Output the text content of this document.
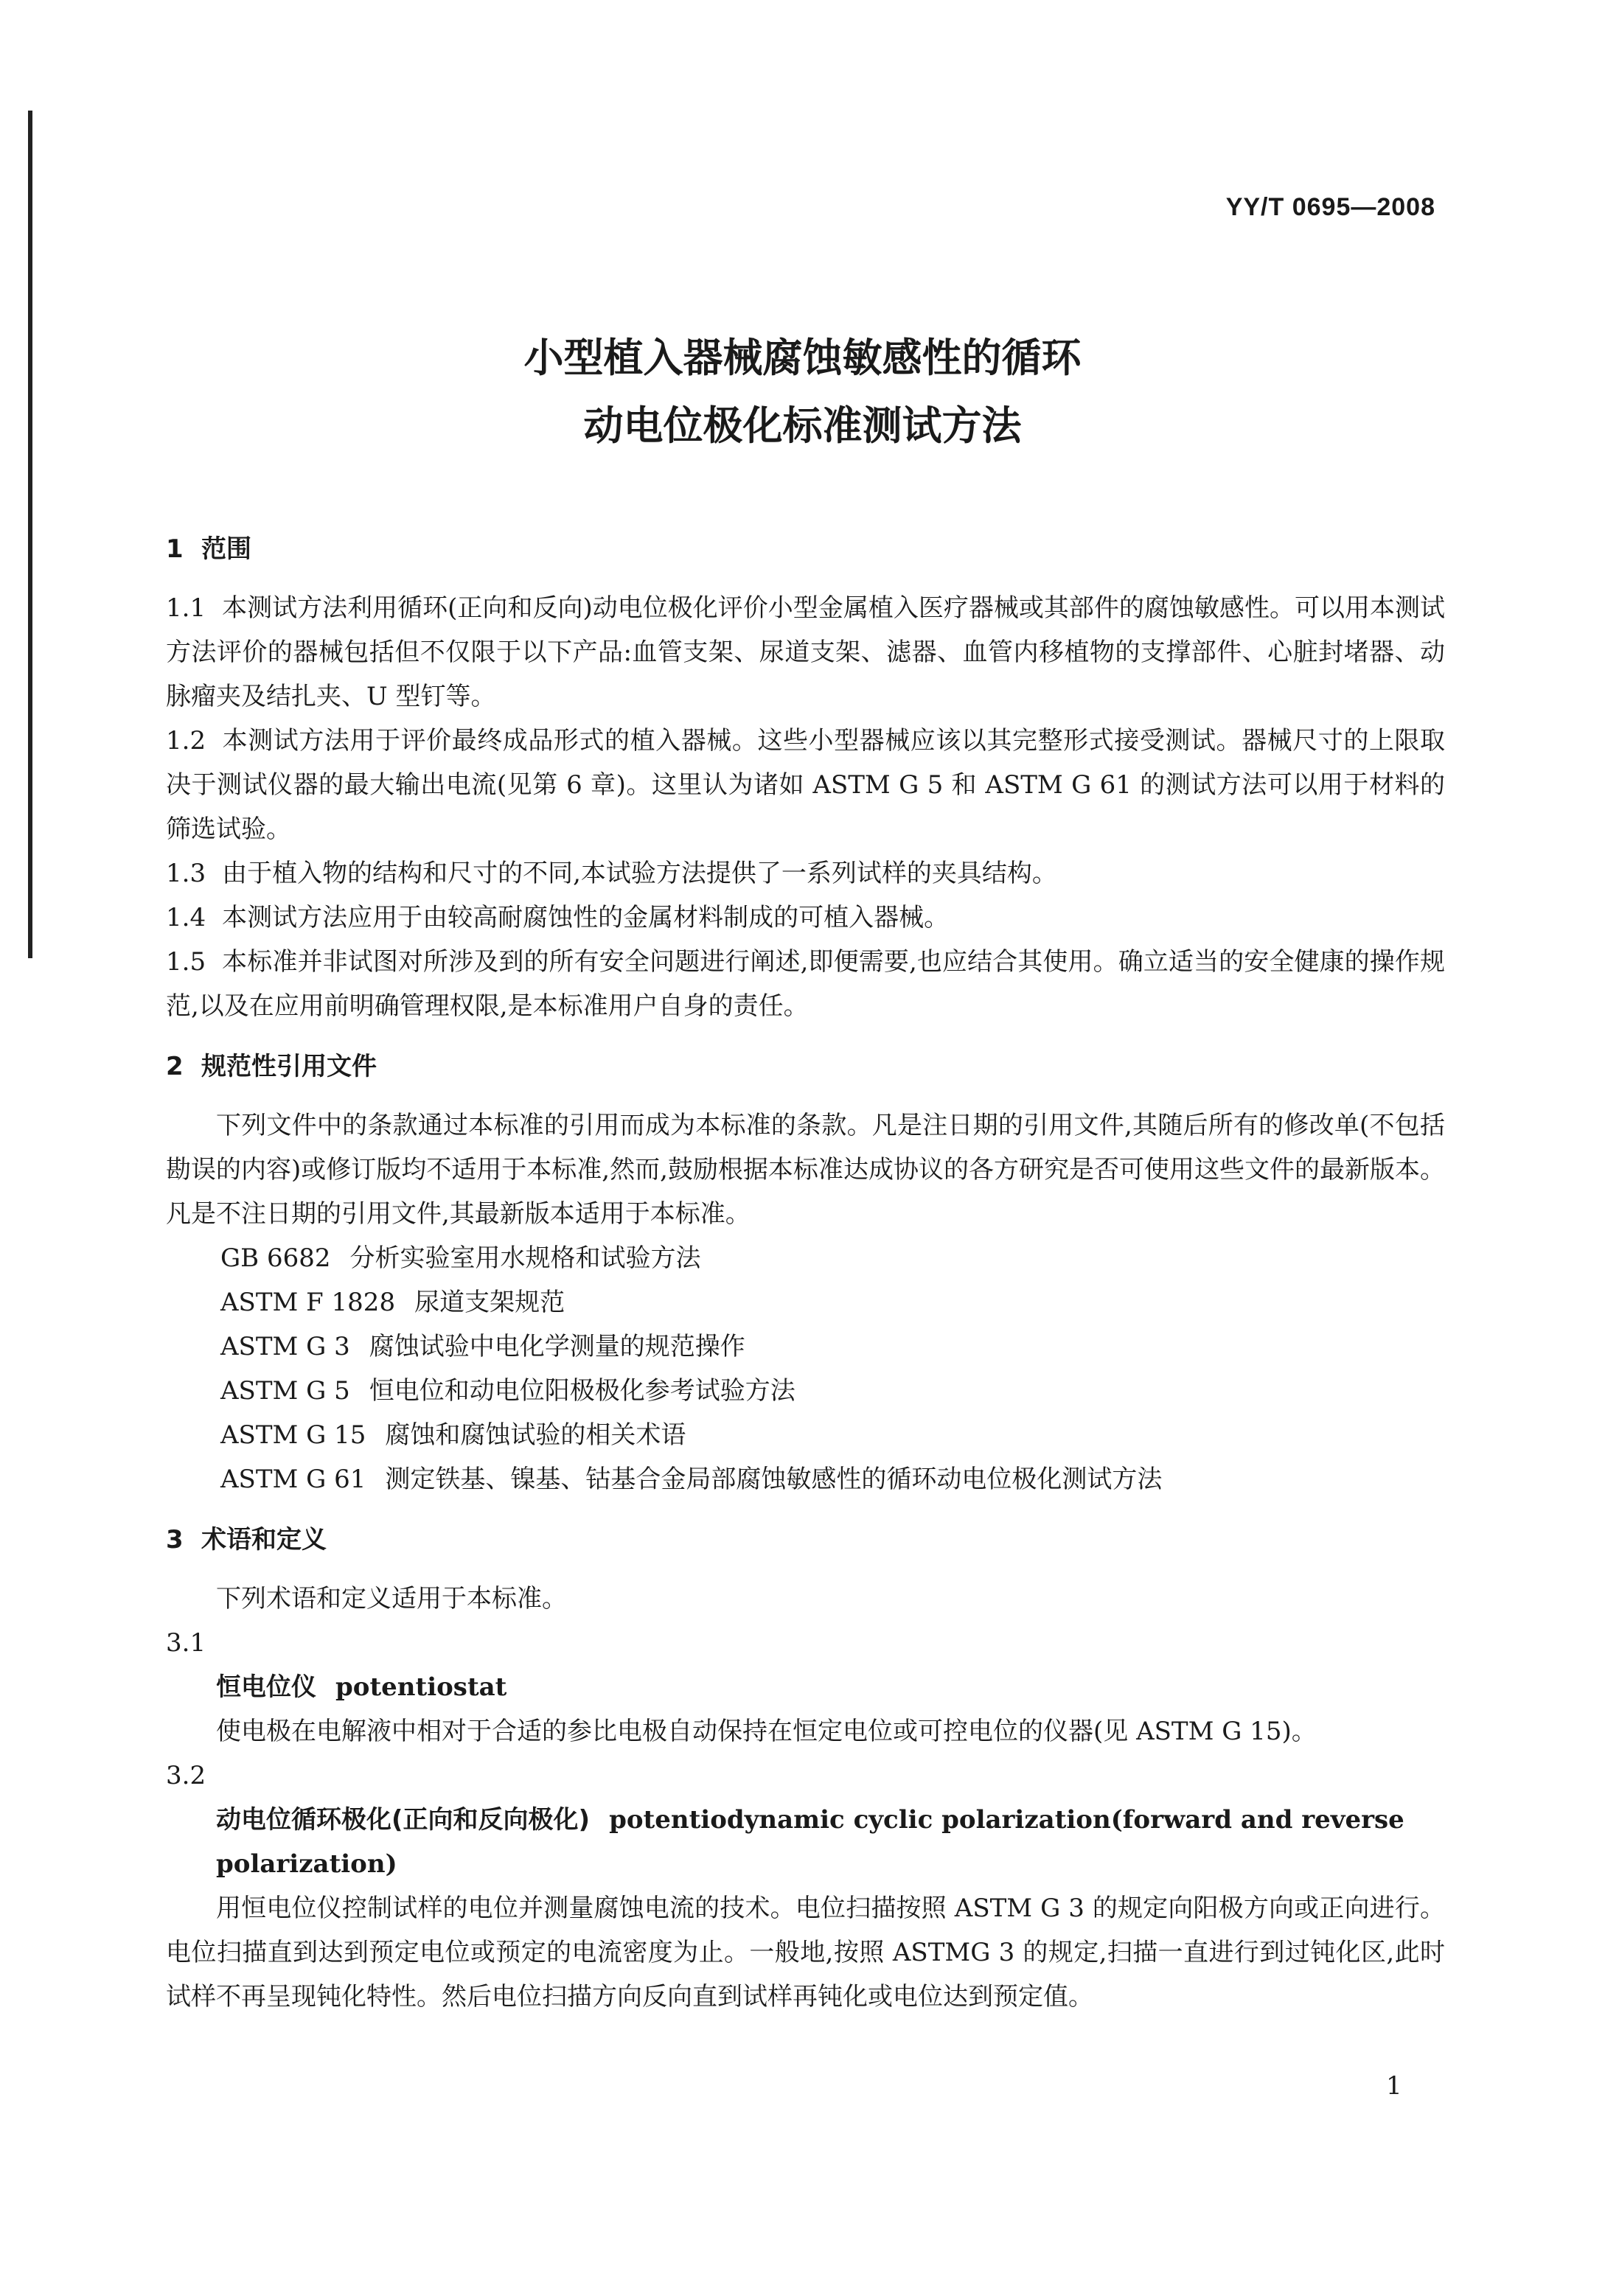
YY/T 0695—2008
小型植入器械腐蚀敏感性的循环
动电位极化标准测试方法
1 范围

1.1 本测试方法利用循环(正向和反向)动电位极化评价小型金属植入医疗器械或其部件的腐蚀敏感性。可以用本测试方法评价的器械包括但不仅限于以下产品:血管支架、尿道支架、滤器、血管内移植物的支撑部件、心脏封堵器、动脉瘤夹及结扎夹、U 型钉等。

1.2 本测试方法用于评价最终成品形式的植入器械。这些小型器械应该以其完整形式接受测试。器械尺寸的上限取决于测试仪器的最大输出电流(见第 6 章)。这里认为诸如 ASTM G 5 和 ASTM G 61 的测试方法可以用于材料的筛选试验。

1.3 由于植入物的结构和尺寸的不同,本试验方法提供了一系列试样的夹具结构。

1.4 本测试方法应用于由较高耐腐蚀性的金属材料制成的可植入器械。

1.5 本标准并非试图对所涉及到的所有安全问题进行阐述,即便需要,也应结合其使用。确立适当的安全健康的操作规范,以及在应用前明确管理权限,是本标准用户自身的责任。

2 规范性引用文件

下列文件中的条款通过本标准的引用而成为本标准的条款。凡是注日期的引用文件,其随后所有的修改单(不包括勘误的内容)或修订版均不适用于本标准,然而,鼓励根据本标准达成协议的各方研究是否可使用这些文件的最新版本。凡是不注日期的引用文件,其最新版本适用于本标准。

GB 6682 分析实验室用水规格和试验方法
ASTM F 1828 尿道支架规范
ASTM G 3 腐蚀试验中电化学测量的规范操作
ASTM G 5 恒电位和动电位阳极极化参考试验方法
ASTM G 15 腐蚀和腐蚀试验的相关术语
ASTM G 61 测定铁基、镍基、钴基合金局部腐蚀敏感性的循环动电位极化测试方法
3 术语和定义

下列术语和定义适用于本标准。

3.1

恒电位仪 potentiostat

使电极在电解液中相对于合适的参比电极自动保持在恒定电位或可控电位的仪器(见 ASTM G 15)。

3.2

动电位循环极化(正向和反向极化) potentiodynamic cyclic polarization(forward and reverse polarization)

用恒电位仪控制试样的电位并测量腐蚀电流的技术。电位扫描按照 ASTM G 3 的规定向阳极方向或正向进行。电位扫描直到达到预定电位或预定的电流密度为止。一般地,按照 ASTMG 3 的规定,扫描一直进行到过钝化区,此时试样不再呈现钝化特性。然后电位扫描方向反向直到试样再钝化或电位达到预定值。

1
